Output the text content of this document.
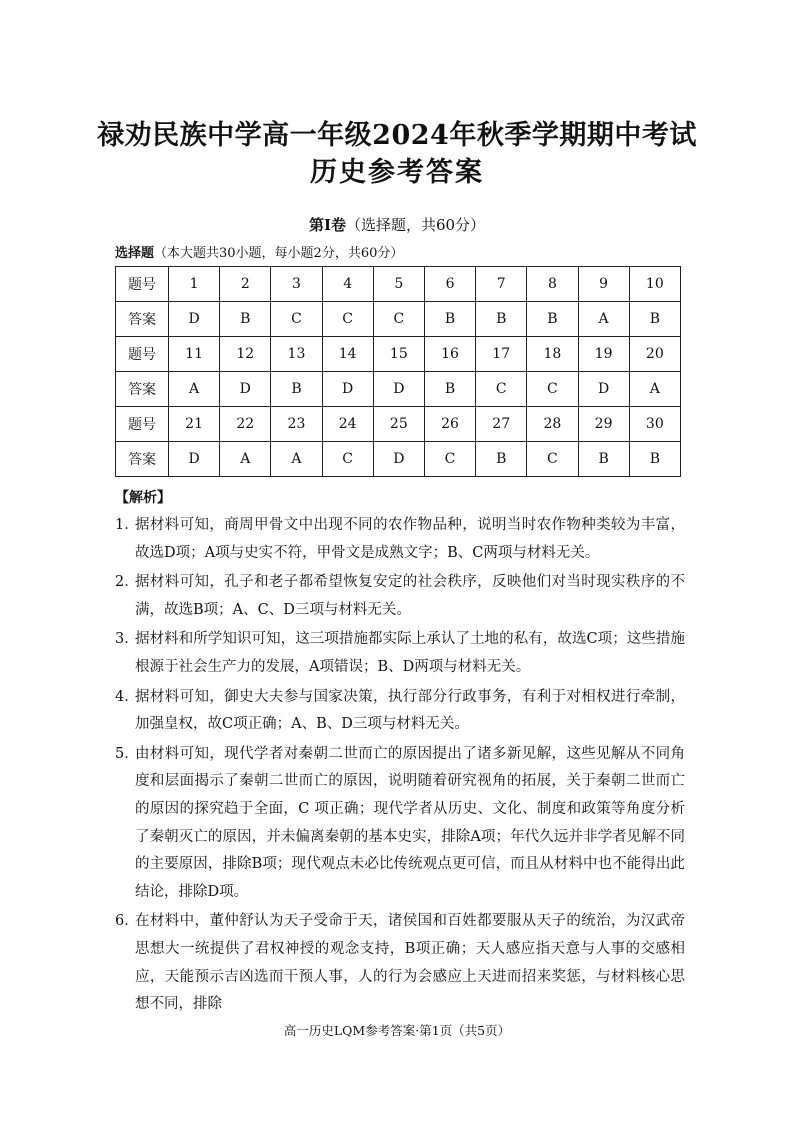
禄劝民族中学高一年级2024年秋季学期期中考试
历史参考答案
第Ⅰ卷（选择题，共60分）
选择题（本大题共30小题，每小题2分，共60分）
题号	1	2	3	4	5	6	7	8	9	10
答案	D	B	C	C	C	B	B	B	A	B
题号	11	12	13	14	15	16	17	18	19	20
答案	A	D	B	D	D	B	C	C	D	A
题号	21	22	23	24	25	26	27	28	29	30
答案	D	A	A	C	D	C	B	C	B	B
【解析】
1．
据材料可知，商周甲骨文中出现不同的农作物品种，说明当时农作物种类较为丰富，故选D项；A项与史实不符，甲骨文是成熟文字；B、C两项与材料无关。
2．
据材料可知，孔子和老子都希望恢复安定的社会秩序，反映他们对当时现实秩序的不满，故选B项；A、C、D三项与材料无关。
3．
据材料和所学知识可知，这三项措施都实际上承认了土地的私有，故选C项；这些措施根源于社会生产力的发展，A项错误；B、D两项与材料无关。
4．
据材料可知，御史大夫参与国家决策，执行部分行政事务，有利于对相权进行牵制，加强皇权，故C项正确；A、B、D三项与材料无关。
5．
由材料可知，现代学者对秦朝二世而亡的原因提出了诸多新见解，这些见解从不同角度和层面揭示了秦朝二世而亡的原因，说明随着研究视角的拓展，关于秦朝二世而亡的原因的探究趋于全面，C 项正确；现代学者从历史、文化、制度和政策等角度分析了秦朝灭亡的原因，并未偏离秦朝的基本史实，排除A项；年代久远并非学者见解不同的主要原因，排除B项；现代观点未必比传统观点更可信，而且从材料中也不能得出此结论，排除D项。
6．
在材料中，董仲舒认为天子受命于天，诸侯国和百姓都要服从天子的统治，为汉武帝思想大一统提供了君权神授的观念支持，B项正确；天人感应指天意与人事的交感相应，天能预示吉凶选而干预人事，人的行为会感应上天进而招来奖惩，与材料核心思想不同，排除
高一历史LQM参考答案·第1页（共5页）
